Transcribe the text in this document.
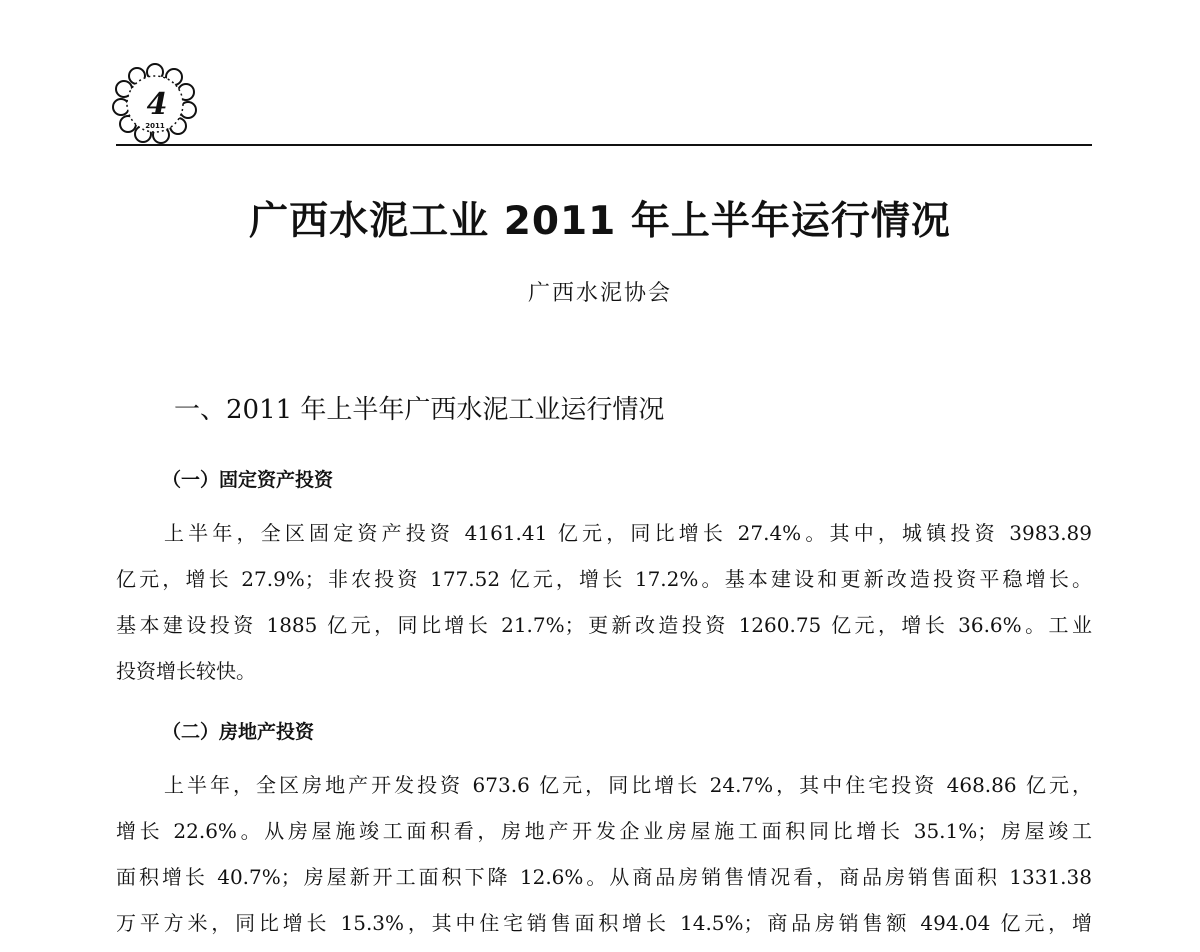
4
2011
广西水泥工业 2011 年上半年运行情况
广西水泥协会
一、2011 年上半年广西水泥工业运行情况
（一）固定资产投资
上半年，全区固定资产投资 4161.41 亿元，同比增长 27.4%。其中，城镇投资 3983.89
亿元，增长 27.9%；非农投资 177.52 亿元，增长 17.2%。基本建设和更新改造投资平稳增长。
基本建设投资 1885 亿元，同比增长 21.7%；更新改造投资 1260.75 亿元，增长 36.6%。工业
投资增长较快。
（二）房地产投资
上半年，全区房地产开发投资 673.6 亿元，同比增长 24.7%，其中住宅投资 468.86 亿元，
增长 22.6%。从房屋施竣工面积看，房地产开发企业房屋施工面积同比增长 35.1%；房屋竣工
面积增长 40.7%；房屋新开工面积下降 12.6%。从商品房销售情况看，商品房销售面积 1331.38
万平方米，同比增长 15.3%，其中住宅销售面积增长 14.5%；商品房销售额 494.04 亿元，增
